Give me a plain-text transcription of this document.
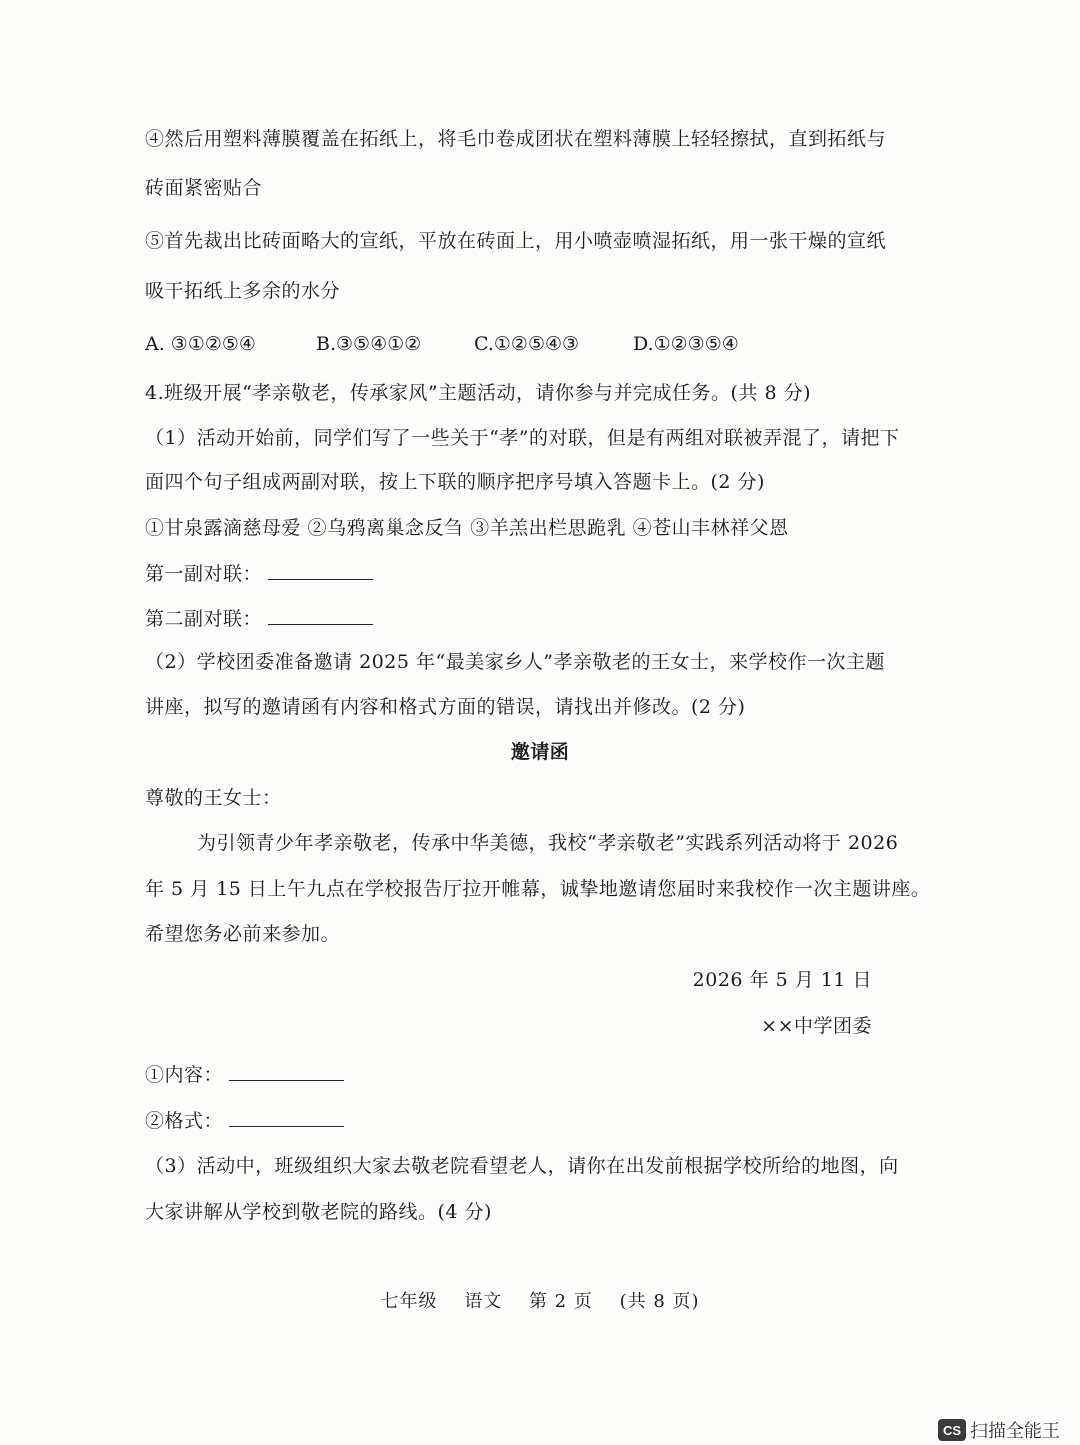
④然后用塑料薄膜覆盖在拓纸上，将毛巾卷成团状在塑料薄膜上轻轻擦拭，直到拓纸与
砖面紧密贴合
⑤首先裁出比砖面略大的宣纸，平放在砖面上，用小喷壶喷湿拓纸，用一张干燥的宣纸
吸干拓纸上多余的水分
A. ③①②⑤④	B.③⑤④①②	C.①②⑤④③	D.①②③⑤④
4.班级开展“孝亲敬老，传承家风”主题活动，请你参与并完成任务。(共 8 分)
（1）活动开始前，同学们写了一些关于“孝”的对联，但是有两组对联被弄混了，请把下
面四个句子组成两副对联，按上下联的顺序把序号填入答题卡上。(2 分)
①甘泉露滴慈母爱 ②乌鸦离巢念反刍 ③羊羔出栏思跪乳 ④苍山丰林祥父恩
第一副对联：
第二副对联：
（2）学校团委准备邀请 2025 年“最美家乡人”孝亲敬老的王女士，来学校作一次主题
讲座，拟写的邀请函有内容和格式方面的错误，请找出并修改。(2 分)
邀请函
尊敬的王女士：
为引领青少年孝亲敬老，传承中华美德，我校“孝亲敬老”实践系列活动将于 2026
年 5 月 15 日上午九点在学校报告厅拉开帷幕，诚挚地邀请您届时来我校作一次主题讲座。
希望您务必前来参加。
2026 年 5 月 11 日
××中学团委
①内容：
②格式：
（3）活动中，班级组织大家去敬老院看望老人，请你在出发前根据学校所给的地图，向
大家讲解从学校到敬老院的路线。(4 分)
七年级 语文 第 2 页 (共 8 页)
CS 扫描全能王
